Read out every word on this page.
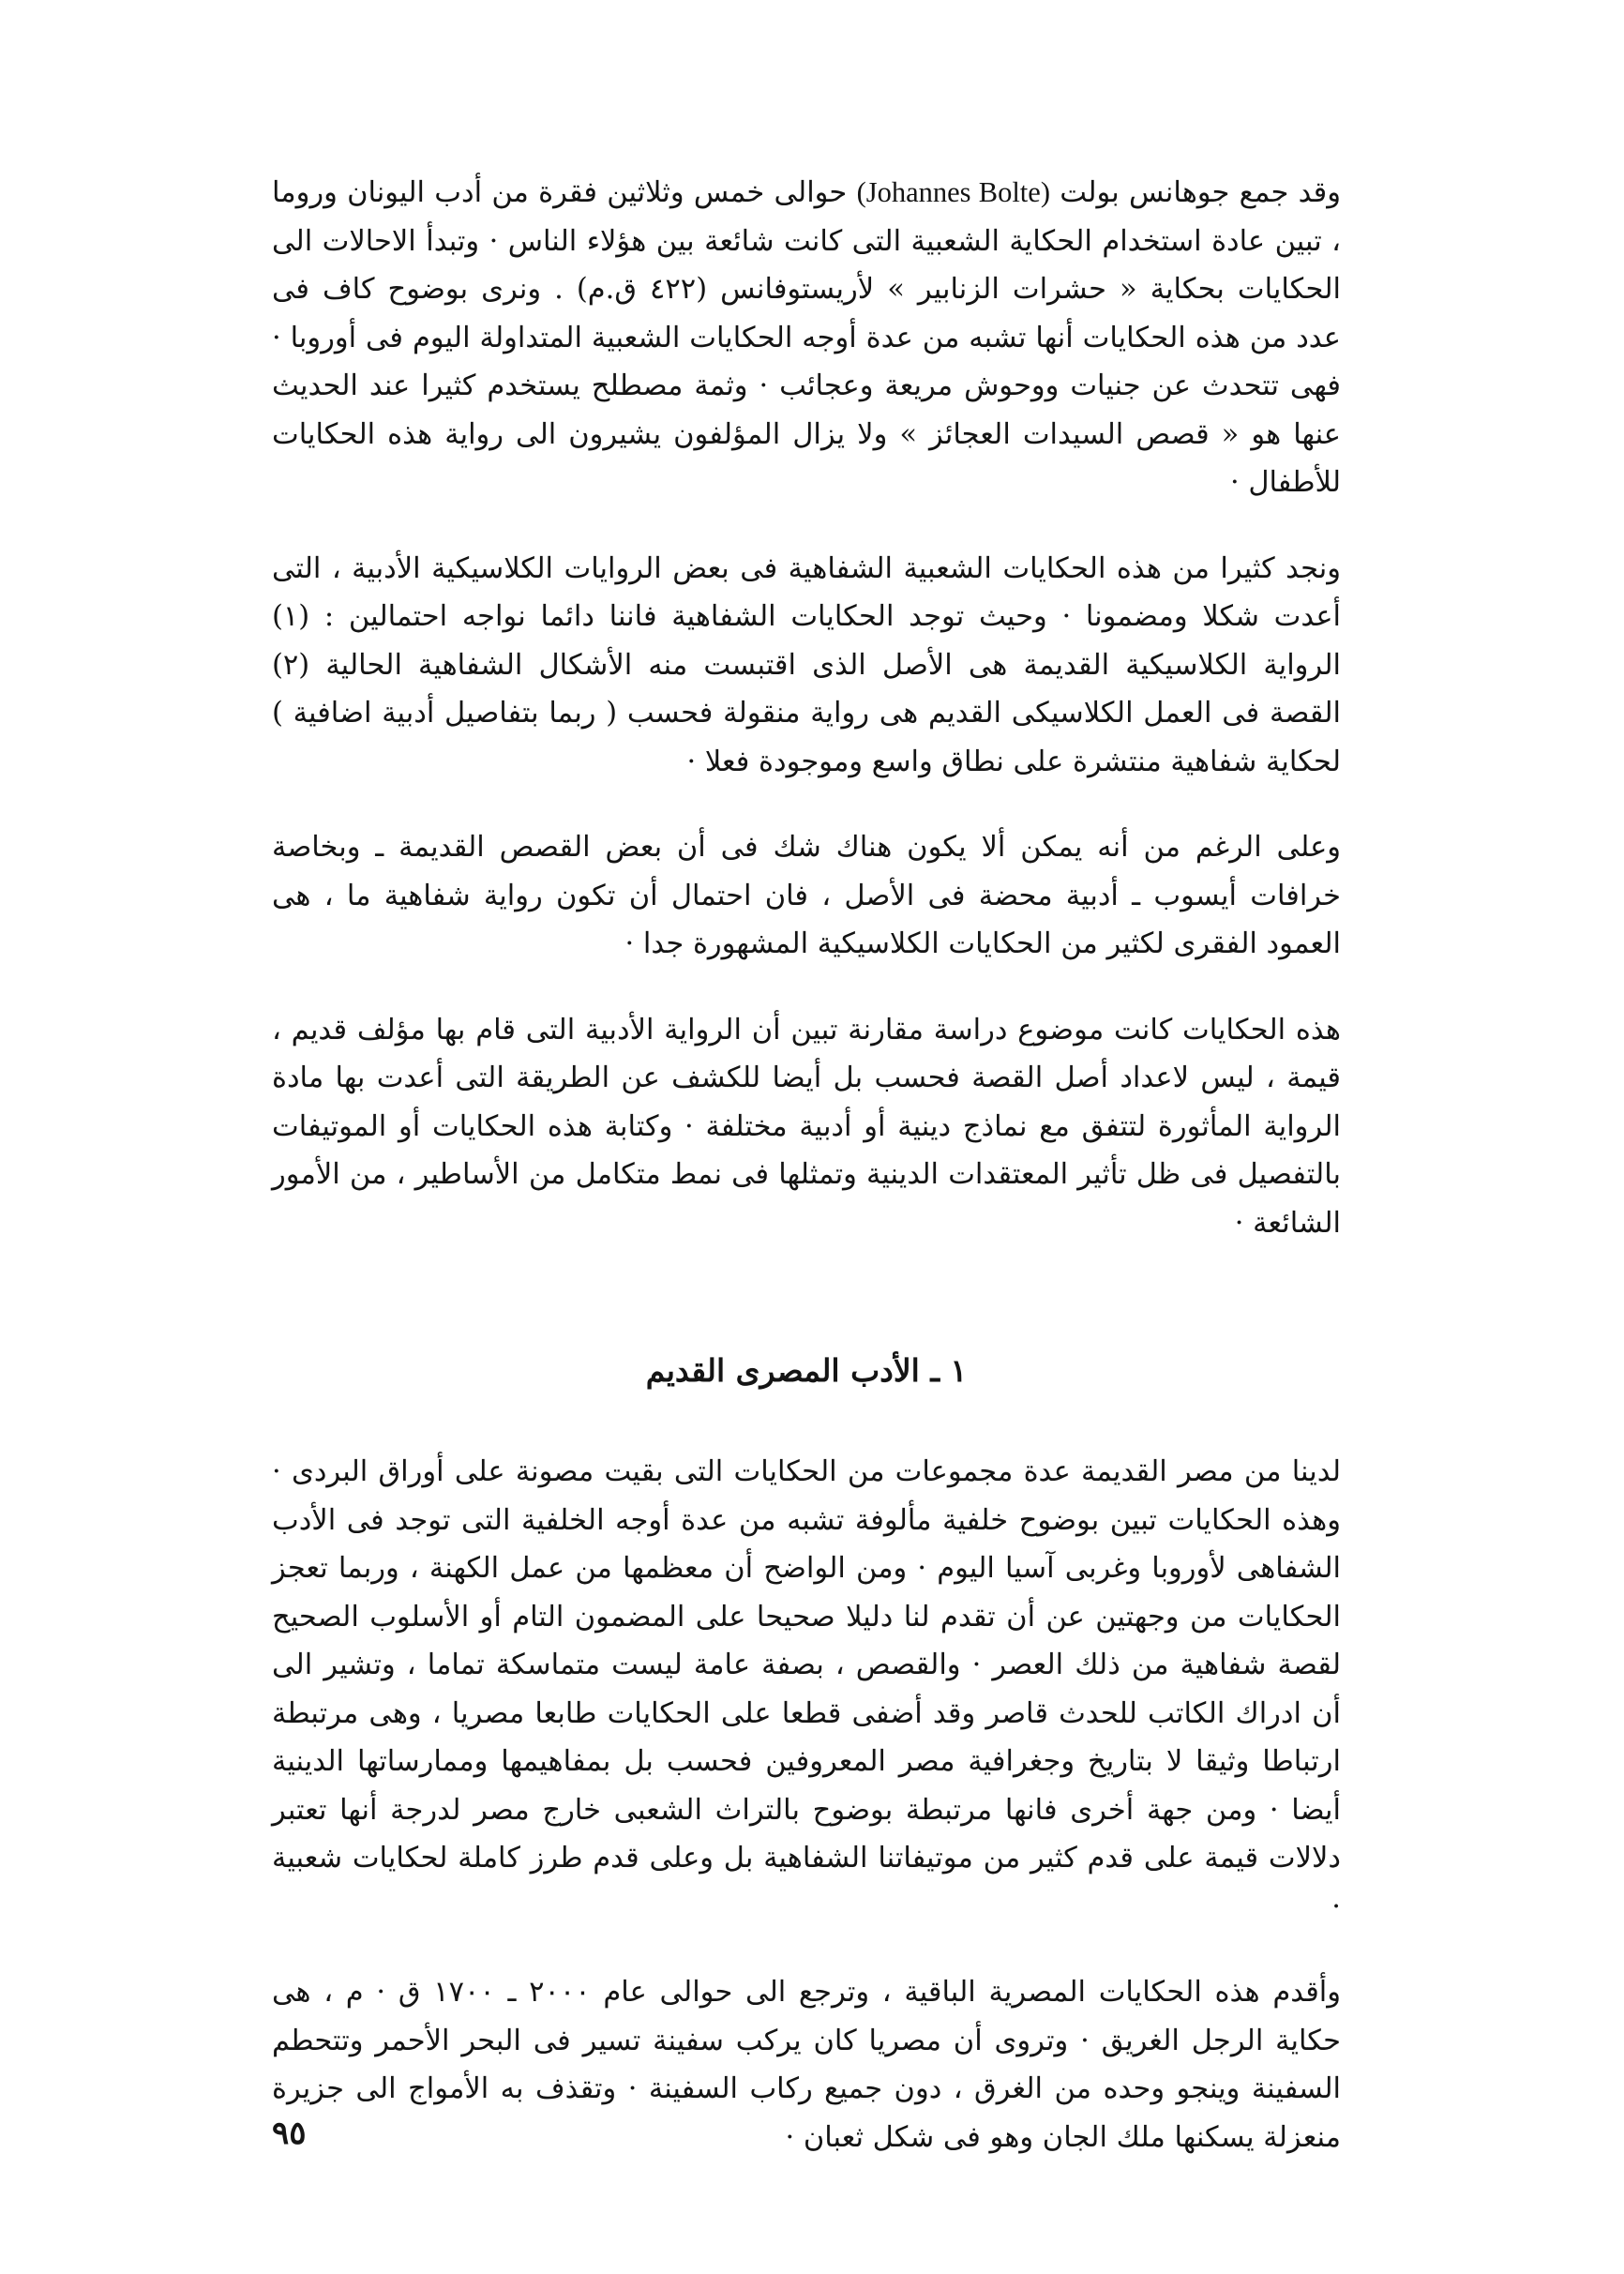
وقد جمع جوهانس بولت (Johannes Bolte) حوالى خمس وثلاثين فقرة من أدب اليونان وروما ، تبين عادة استخدام الحكاية الشعبية التى كانت شائعة بين هؤلاء الناس · وتبدأ الاحالات الى الحكايات بحكاية « حشرات الزنابير » لأريستوفانس (٤٢٢ ق.م) . ونرى بوضوح كاف فى عدد من هذه الحكايات أنها تشبه من عدة أوجه الحكايات الشعبية المتداولة اليوم فى أوروبا · فهى تتحدث عن جنيات ووحوش مريعة وعجائب · وثمة مصطلح يستخدم كثيرا عند الحديث عنها هو « قصص السيدات العجائز » ولا يزال المؤلفون يشيرون الى رواية هذه الحكايات للأطفال ·

ونجد كثيرا من هذه الحكايات الشعبية الشفاهية فى بعض الروايات الكلاسيكية الأدبية ، التى أعدت شكلا ومضمونا · وحيث توجد الحكايات الشفاهية فاننا دائما نواجه احتمالين : (١) الرواية الكلاسيكية القديمة هى الأصل الذى اقتبست منه الأشكال الشفاهية الحالية (٢) القصة فى العمل الكلاسيكى القديم هى رواية منقولة فحسب ( ربما بتفاصيل أدبية اضافية ) لحكاية شفاهية منتشرة على نطاق واسع وموجودة فعلا ·

وعلى الرغم من أنه يمكن ألا يكون هناك شك فى أن بعض القصص القديمة ـ وبخاصة خرافات أيسوب ـ أدبية محضة فى الأصل ، فان احتمال أن تكون رواية شفاهية ما ، هى العمود الفقرى لكثير من الحكايات الكلاسيكية المشهورة جدا ·

هذه الحكايات كانت موضوع دراسة مقارنة تبين أن الرواية الأدبية التى قام بها مؤلف قديم ، قيمة ، ليس لاعداد أصل القصة فحسب بل أيضا للكشف عن الطريقة التى أعدت بها مادة الرواية المأثورة لتتفق مع نماذج دينية أو أدبية مختلفة · وكتابة هذه الحكايات أو الموتيفات بالتفصيل فى ظل تأثير المعتقدات الدينية وتمثلها فى نمط متكامل من الأساطير ، من الأمور الشائعة ·

١ ـ الأدب المصرى القديم

لدينا من مصر القديمة عدة مجموعات من الحكايات التى بقيت مصونة على أوراق البردى · وهذه الحكايات تبين بوضوح خلفية مألوفة تشبه من عدة أوجه الخلفية التى توجد فى الأدب الشفاهى لأوروبا وغربى آسيا اليوم · ومن الواضح أن معظمها من عمل الكهنة ، وربما تعجز الحكايات من وجهتين عن أن تقدم لنا دليلا صحيحا على المضمون التام أو الأسلوب الصحيح لقصة شفاهية من ذلك العصر · والقصص ، بصفة عامة ليست متماسكة تماما ، وتشير الى أن ادراك الكاتب للحدث قاصر وقد أضفى قطعا على الحكايات طابعا مصريا ، وهى مرتبطة ارتباطا وثيقا لا بتاريخ وجغرافية مصر المعروفين فحسب بل بمفاهيمها وممارساتها الدينية أيضا · ومن جهة أخرى فانها مرتبطة بوضوح بالتراث الشعبى خارج مصر لدرجة أنها تعتبر دلالات قيمة على قدم كثير من موتيفاتنا الشفاهية بل وعلى قدم طرز كاملة لحكايات شعبية ·

وأقدم هذه الحكايات المصرية الباقية ، وترجع الى حوالى عام ٢٠٠٠ ـ ١٧٠٠ ق · م ، هى حكاية الرجل الغريق · وتروى أن مصريا كان يركب سفينة تسير فى البحر الأحمر وتتحطم السفينة وينجو وحده من الغرق ، دون جميع ركاب السفينة · وتقذف به الأمواج الى جزيرة منعزلة يسكنها ملك الجان وهو فى شكل ثعبان ·

٩٥
